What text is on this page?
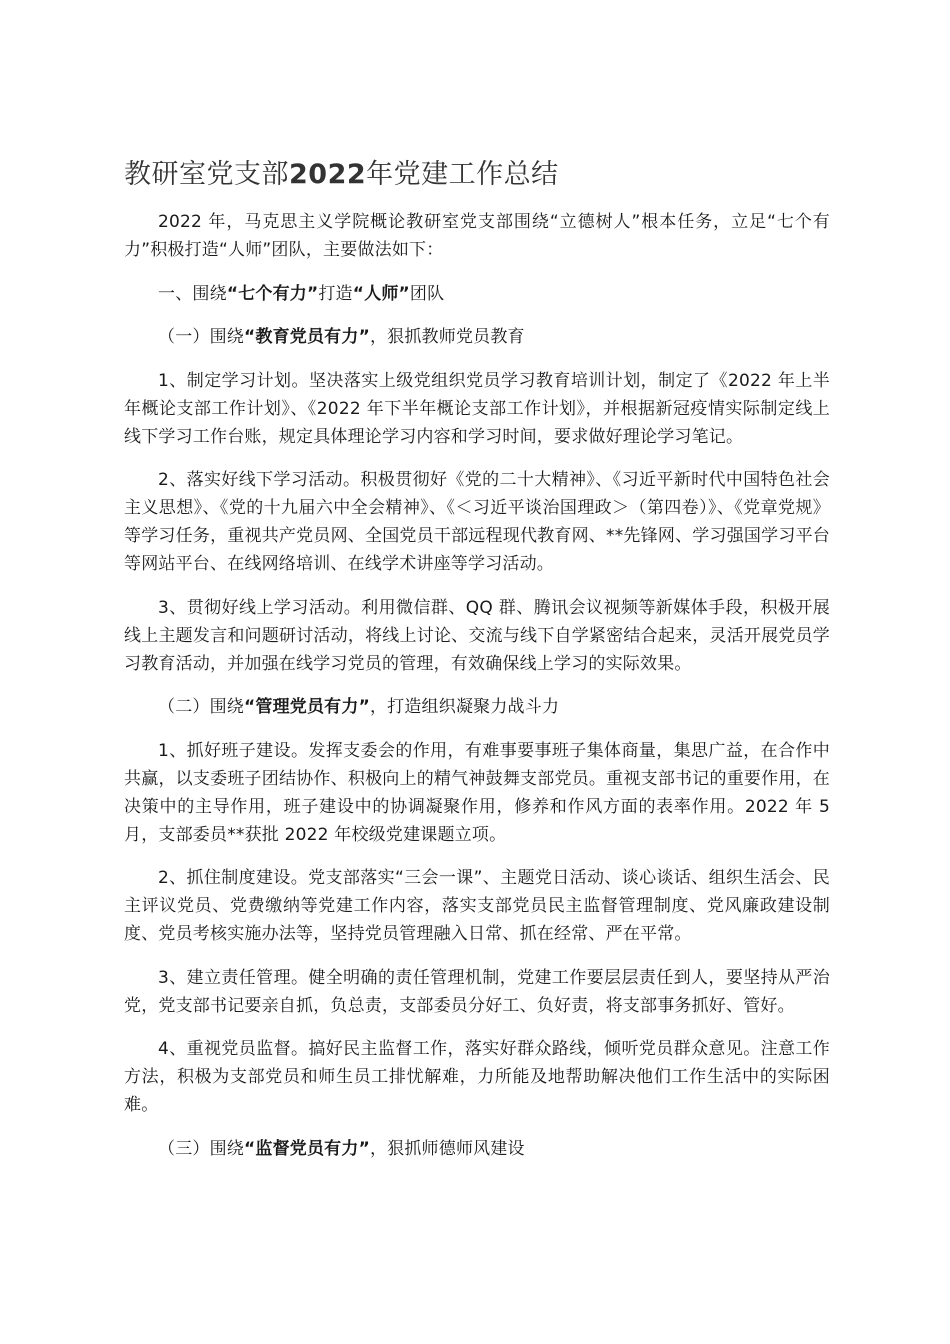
教研室党支部2022年党建工作总结

2022 年，马克思主义学院概论教研室党支部围绕“立德树人”根本任务，立足“七个有力”积极打造“人师”团队，主要做法如下：

一、围绕“七个有力”打造“人师”团队

（一）围绕“教育党员有力”，狠抓教师党员教育

1、制定学习计划。坚决落实上级党组织党员学习教育培训计划，制定了《2022 年上半年概论支部工作计划》、《2022 年下半年概论支部工作计划》，并根据新冠疫情实际制定线上线下学习工作台账，规定具体理论学习内容和学习时间，要求做好理论学习笔记。

2、落实好线下学习活动。积极贯彻好《党的二十大精神》、《习近平新时代中国特色社会主义思想》、《党的十九届六中全会精神》、《＜习近平谈治国理政＞（第四卷）》、《党章党规》等学习任务，重视共产党员网、全国党员干部远程现代教育网、**先锋网、学习强国学习平台等网站平台、在线网络培训、在线学术讲座等学习活动。

3、贯彻好线上学习活动。利用微信群、QQ 群、腾讯会议视频等新媒体手段，积极开展线上主题发言和问题研讨活动，将线上讨论、交流与线下自学紧密结合起来，灵活开展党员学习教育活动，并加强在线学习党员的管理，有效确保线上学习的实际效果。

（二）围绕“管理党员有力”，打造组织凝聚力战斗力

1、抓好班子建设。发挥支委会的作用，有难事要事班子集体商量，集思广益，在合作中共赢，以支委班子团结协作、积极向上的精气神鼓舞支部党员。重视支部书记的重要作用，在决策中的主导作用，班子建设中的协调凝聚作用，修养和作风方面的表率作用。2022 年 5 月，支部委员**获批 2022 年校级党建课题立项。

2、抓住制度建设。党支部落实“三会一课”、主题党日活动、谈心谈话、组织生活会、民主评议党员、党费缴纳等党建工作内容，落实支部党员民主监督管理制度、党风廉政建设制度、党员考核实施办法等，坚持党员管理融入日常、抓在经常、严在平常。

3、建立责任管理。健全明确的责任管理机制，党建工作要层层责任到人，要坚持从严治党，党支部书记要亲自抓，负总责，支部委员分好工、负好责，将支部事务抓好、管好。

4、重视党员监督。搞好民主监督工作，落实好群众路线，倾听党员群众意见。注意工作方法，积极为支部党员和师生员工排忧解难，力所能及地帮助解决他们工作生活中的实际困难。

（三）围绕“监督党员有力”，狠抓师德师风建设
